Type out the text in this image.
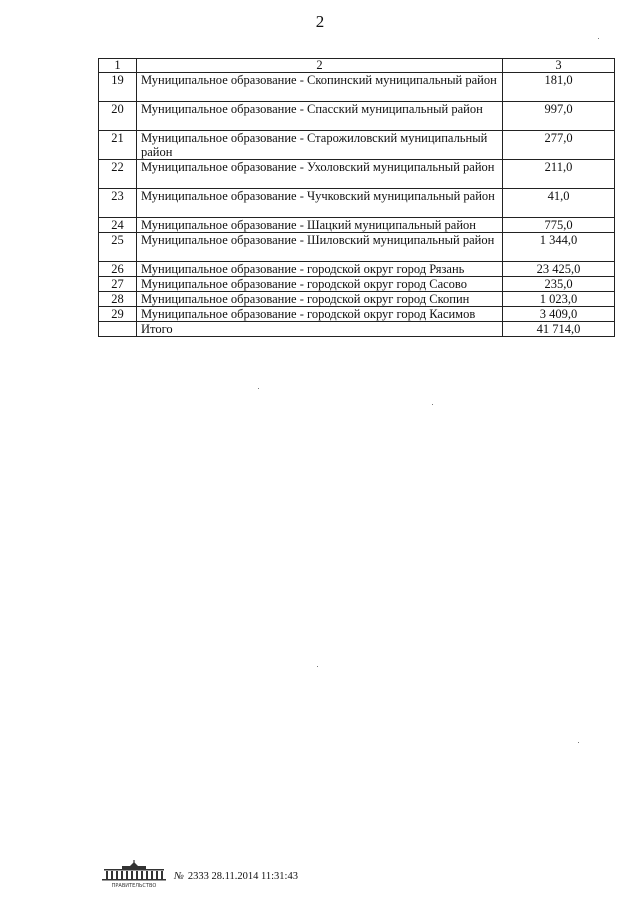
2
1	2	3
19	Муниципальное образование - Скопинский муниципальный район	181,0
20	Муниципальное образование - Спасский муниципальный район	997,0
21	Муниципальное образование - Старожиловский муниципальный район	277,0
22	Муниципальное образование - Ухоловский муниципальный район	211,0
23	Муниципальное образование - Чучковский муниципальный район	41,0
24	Муниципальное образование - Шацкий муниципальный район	775,0
25	Муниципальное образование - Шиловский муниципальный район	1 344,0
26	Муниципальное образование - городской округ город Рязань	23 425,0
27	Муниципальное образование - городской округ город Сасово	235,0
28	Муниципальное образование - городской округ город Скопин	1 023,0
29	Муниципальное образование - городской округ город Касимов	3 409,0
	Итого	41 714,0
ПРАВИТЕЛЬСТВО
№ 2333 28.11.2014 11:31:43
